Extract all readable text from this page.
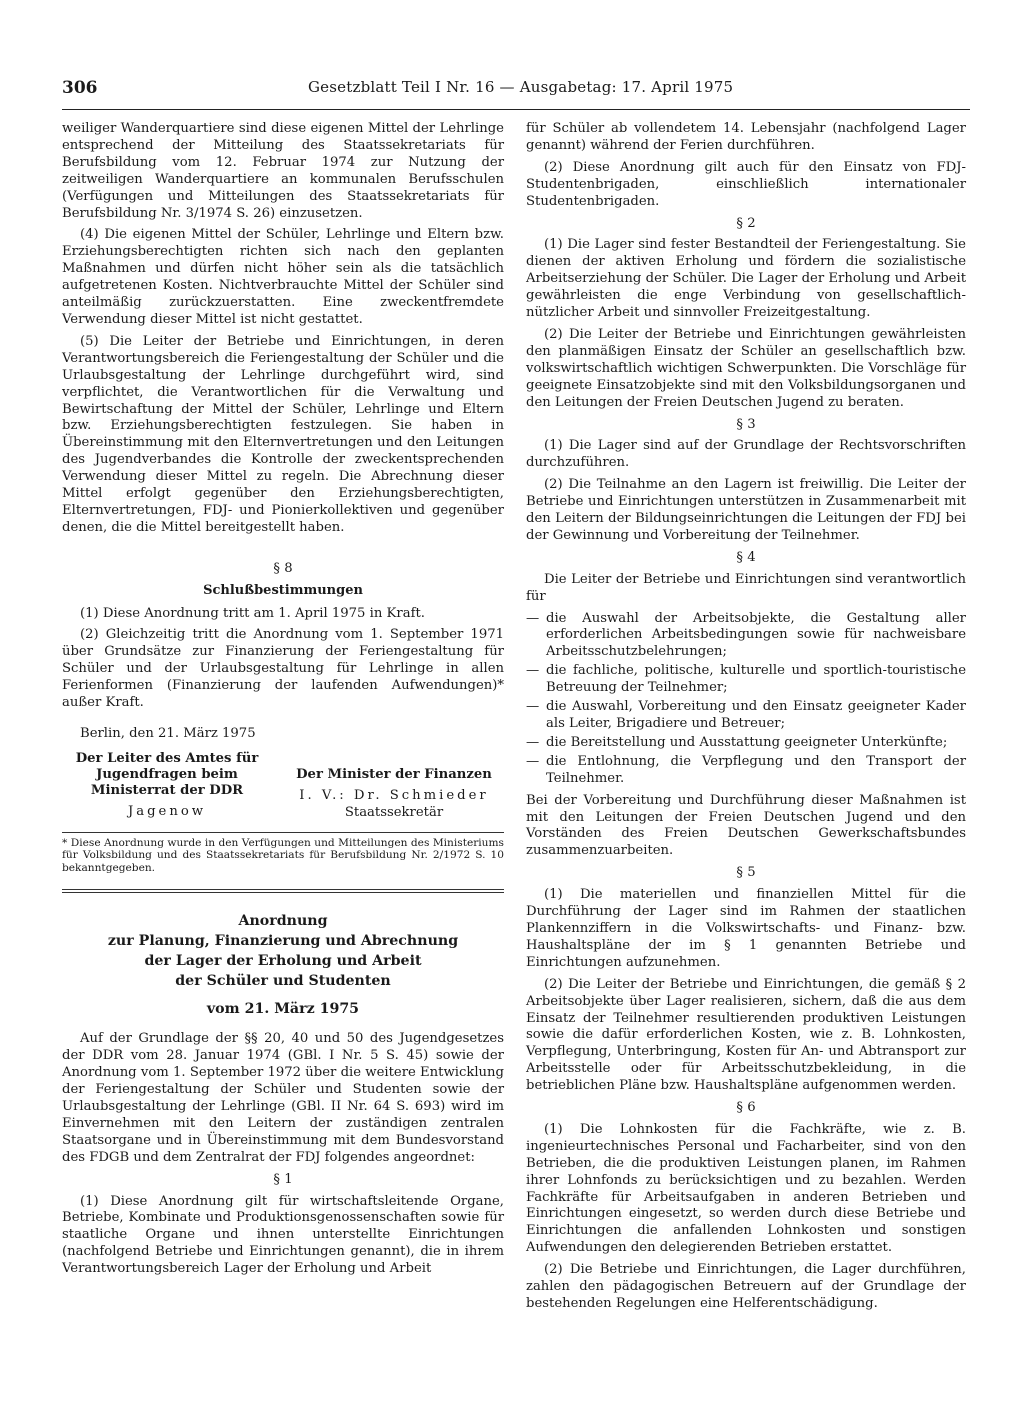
306	Gesetzblatt Teil I Nr. 16 — Ausgabetag: 17. April 1975

weiliger Wanderquartiere sind diese eigenen Mittel der Lehrlinge entsprechend der Mitteilung des Staatssekretariats für Berufsbildung vom 12. Februar 1974 zur Nutzung der zeitweiligen Wanderquartiere an kommunalen Berufsschulen (Verfügungen und Mitteilungen des Staatssekretariats für Berufsbildung Nr. 3/1974 S. 26) einzusetzen.

(4) Die eigenen Mittel der Schüler, Lehrlinge und Eltern bzw. Erziehungsberechtigten richten sich nach den geplanten Maßnahmen und dürfen nicht höher sein als die tatsächlich aufgetretenen Kosten. Nichtverbrauchte Mittel der Schüler sind anteilmäßig zurückzuerstatten. Eine zweckentfremdete Verwendung dieser Mittel ist nicht gestattet.

(5) Die Leiter der Betriebe und Einrichtungen, in deren Verantwortungsbereich die Feriengestaltung der Schüler und die Urlaubsgestaltung der Lehrlinge durchgeführt wird, sind verpflichtet, die Verantwortlichen für die Verwaltung und Bewirtschaftung der Mittel der Schüler, Lehrlinge und Eltern bzw. Erziehungsberechtigten festzulegen. Sie haben in Übereinstimmung mit den Elternvertretungen und den Leitungen des Jugendverbandes die Kontrolle der zweckentsprechenden Verwendung dieser Mittel zu regeln. Die Abrechnung dieser Mittel erfolgt gegenüber den Erziehungsberechtigten, Elternvertretungen, FDJ- und Pionierkollektiven und gegenüber denen, die die Mittel bereitgestellt haben.

§ 8
Schlußbestimmungen

(1) Diese Anordnung tritt am 1. April 1975 in Kraft.

(2) Gleichzeitig tritt die Anordnung vom 1. September 1971 über Grundsätze zur Finanzierung der Feriengestaltung für Schüler und der Urlaubsgestaltung für Lehrlinge in allen Ferienformen (Finanzierung der laufenden Aufwendungen)* außer Kraft.

Berlin, den 21. März 1975
Der Leiter des Amtes für Jugendfragen beim Ministerrat der DDR
Jagenow
Der Minister der Finanzen
I. V.: Dr. Schmieder
Staatssekretär

* Diese Anordnung wurde in den Verfügungen und Mitteilungen des Ministeriums für Volksbildung und des Staatssekretariats für Berufsbildung Nr. 2/1972 S. 10 bekanntgegeben.

Anordnung
zur Planung, Finanzierung und Abrechnung
der Lager der Erholung und Arbeit
der Schüler und Studenten
vom 21. März 1975

Auf der Grundlage der §§ 20, 40 und 50 des Jugendgesetzes der DDR vom 28. Januar 1974 (GBl. I Nr. 5 S. 45) sowie der Anordnung vom 1. September 1972 über die weitere Entwicklung der Feriengestaltung der Schüler und Studenten sowie der Urlaubsgestaltung der Lehrlinge (GBl. II Nr. 64 S. 693) wird im Einvernehmen mit den Leitern der zuständigen zentralen Staatsorgane und in Übereinstimmung mit dem Bundesvorstand des FDGB und dem Zentralrat der FDJ folgendes angeordnet:

§ 1

(1) Diese Anordnung gilt für wirtschaftsleitende Organe, Betriebe, Kombinate und Produktionsgenossenschaften sowie für staatliche Organe und ihnen unterstellte Einrichtungen (nachfolgend Betriebe und Einrichtungen genannt), die in ihrem Verantwortungsbereich Lager der Erholung und Arbeit

für Schüler ab vollendetem 14. Lebensjahr (nachfolgend Lager genannt) während der Ferien durchführen.

(2) Diese Anordnung gilt auch für den Einsatz von FDJ-Studentenbrigaden, einschließlich internationaler Studentenbrigaden.

§ 2

(1) Die Lager sind fester Bestandteil der Feriengestaltung. Sie dienen der aktiven Erholung und fördern die sozialistische Arbeitserziehung der Schüler. Die Lager der Erholung und Arbeit gewährleisten die enge Verbindung von gesellschaftlich-nützlicher Arbeit und sinnvoller Freizeitgestaltung.

(2) Die Leiter der Betriebe und Einrichtungen gewährleisten den planmäßigen Einsatz der Schüler an gesellschaftlich bzw. volkswirtschaftlich wichtigen Schwerpunkten. Die Vorschläge für geeignete Einsatzobjekte sind mit den Volksbildungsorganen und den Leitungen der Freien Deutschen Jugend zu beraten.

§ 3

(1) Die Lager sind auf der Grundlage der Rechtsvorschriften durchzuführen.

(2) Die Teilnahme an den Lagern ist freiwillig. Die Leiter der Betriebe und Einrichtungen unterstützen in Zusammenarbeit mit den Leitern der Bildungseinrichtungen die Leitungen der FDJ bei der Gewinnung und Vorbereitung der Teilnehmer.

§ 4

Die Leiter der Betriebe und Einrichtungen sind verantwortlich für

— die Auswahl der Arbeitsobjekte, die Gestaltung aller erforderlichen Arbeitsbedingungen sowie für nachweisbare Arbeitsschutzbelehrungen;
— die fachliche, politische, kulturelle und sportlich-touristische Betreuung der Teilnehmer;
— die Auswahl, Vorbereitung und den Einsatz geeigneter Kader als Leiter, Brigadiere und Betreuer;
— die Bereitstellung und Ausstattung geeigneter Unterkünfte;
— die Entlohnung, die Verpflegung und den Transport der Teilnehmer.

Bei der Vorbereitung und Durchführung dieser Maßnahmen ist mit den Leitungen der Freien Deutschen Jugend und den Vorständen des Freien Deutschen Gewerkschaftsbundes zusammenzuarbeiten.

§ 5

(1) Die materiellen und finanziellen Mittel für die Durchführung der Lager sind im Rahmen der staatlichen Plankennziffern in die Volkswirtschafts- und Finanz- bzw. Haushaltspläne der im § 1 genannten Betriebe und Einrichtungen aufzunehmen.

(2) Die Leiter der Betriebe und Einrichtungen, die gemäß § 2 Arbeitsobjekte über Lager realisieren, sichern, daß die aus dem Einsatz der Teilnehmer resultierenden produktiven Leistungen sowie die dafür erforderlichen Kosten, wie z. B. Lohnkosten, Verpflegung, Unterbringung, Kosten für An- und Abtransport zur Arbeitsstelle oder für Arbeitsschutzbekleidung, in die betrieblichen Pläne bzw. Haushaltspläne aufgenommen werden.

§ 6

(1) Die Lohnkosten für die Fachkräfte, wie z. B. ingenieurtechnisches Personal und Facharbeiter, sind von den Betrieben, die die produktiven Leistungen planen, im Rahmen ihrer Lohnfonds zu berücksichtigen und zu bezahlen. Werden Fachkräfte für Arbeitsaufgaben in anderen Betrieben und Einrichtungen eingesetzt, so werden durch diese Betriebe und Einrichtungen die anfallenden Lohnkosten und sonstigen Aufwendungen den delegierenden Betrieben erstattet.

(2) Die Betriebe und Einrichtungen, die Lager durchführen, zahlen den pädagogischen Betreuern auf der Grundlage der bestehenden Regelungen eine Helferentschädigung.
